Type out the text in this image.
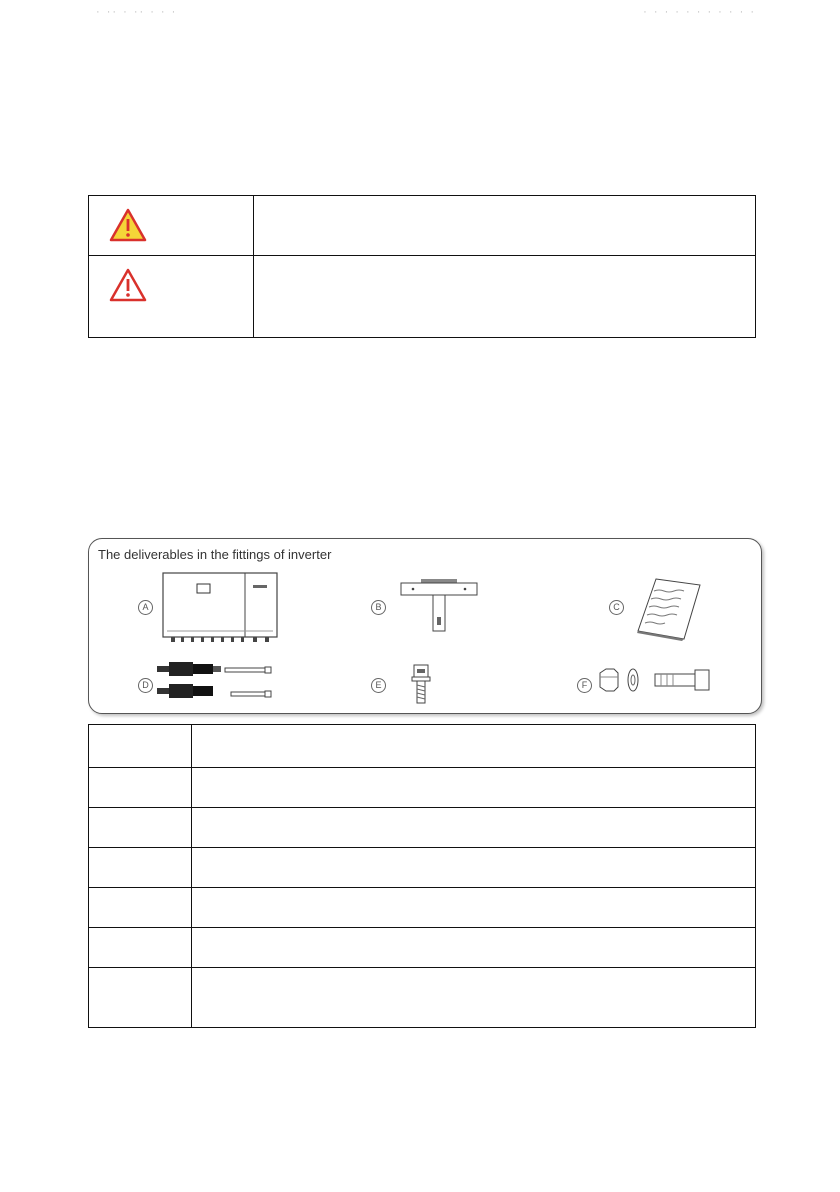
· ·· · ·· · · ·	· · · · · · · · · · ·

The deliverables in the fittings of inverter
A	B	C
D	E	F
